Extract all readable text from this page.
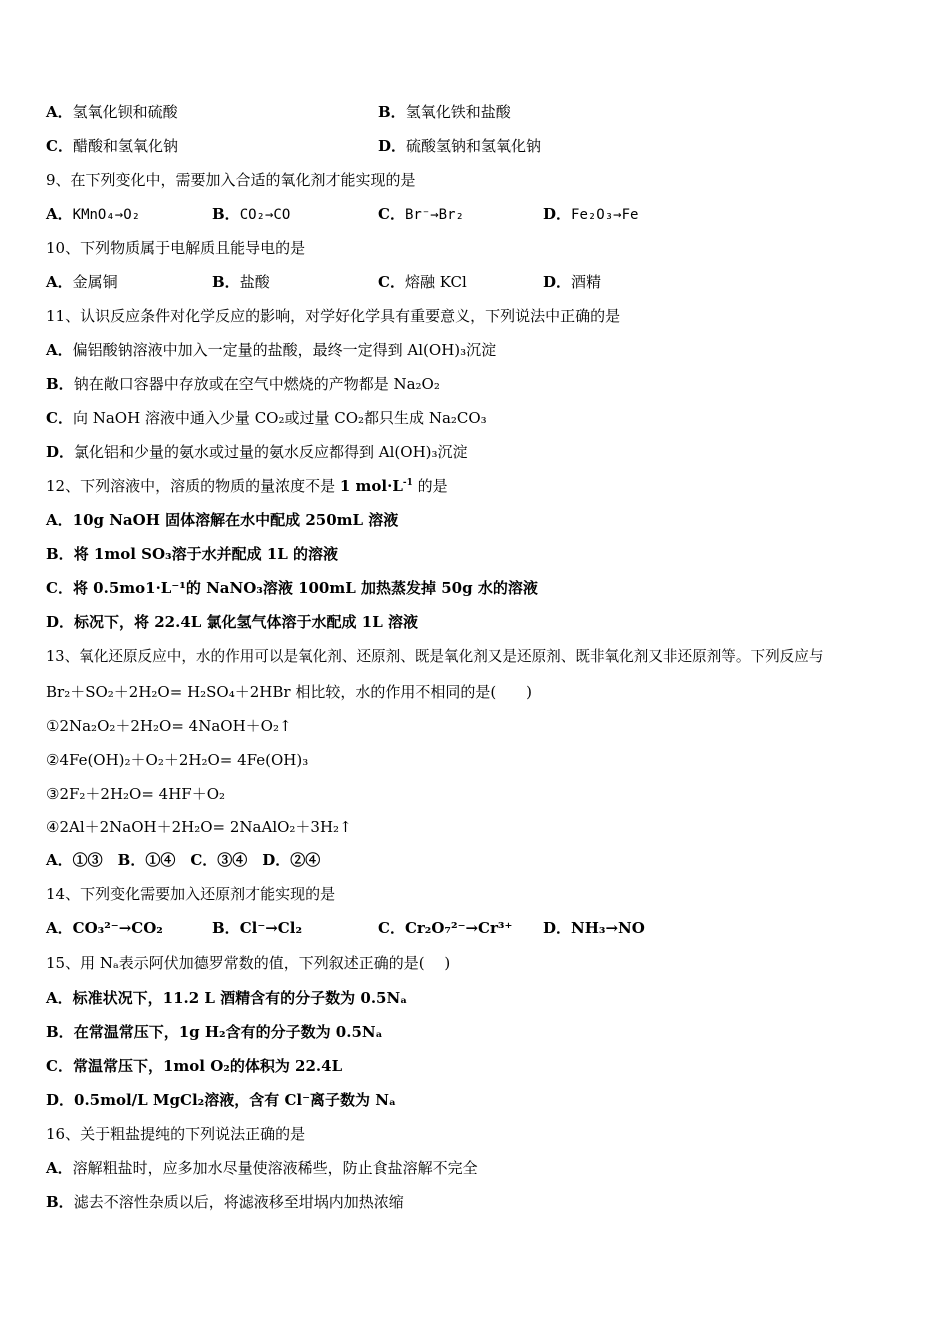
A．氢氧化钡和硫酸	B．氢氧化铁和盐酸
C．醋酸和氢氧化钠	D．硫酸氢钠和氢氧化钠
9、在下列变化中，需要加入合适的氧化剂才能实现的是
A．KMnO₄→O₂	B．CO₂→CO	C．Br⁻→Br₂	D．Fe₂O₃→Fe
10、下列物质属于电解质且能导电的是
A．金属铜	B．盐酸	C．熔融 KCl	D．酒精
11、认识反应条件对化学反应的影响，对学好化学具有重要意义，下列说法中正确的是
A．偏铝酸钠溶液中加入一定量的盐酸，最终一定得到 Al(OH)₃沉淀
B．钠在敞口容器中存放或在空气中燃烧的产物都是 Na₂O₂
C．向 NaOH 溶液中通入少量 CO₂或过量 CO₂都只生成 Na₂CO₃
D．氯化铝和少量的氨水或过量的氨水反应都得到 Al(OH)₃沉淀
12、下列溶液中，溶质的物质的量浓度不是 1 $mol\cdot L^{-1}$ 的是
A．10g NaOH 固体溶解在水中配成 250mL 溶液
B．将 1mol SO₃溶于水并配成 1L 的溶液
C．将 0.5mo1·L⁻¹的 NaNO₃溶液 100mL 加热蒸发掉 50g 水的溶液
D．标况下，将 22.4L 氯化氢气体溶于水配成 1L 溶液
13、氧化还原反应中，水的作用可以是氧化剂、还原剂、既是氧化剂又是还原剂、既非氧化剂又非还原剂等。下列反应与
Br₂＋SO₂＋2H₂O= H₂SO₄＋2HBr 相比较，水的作用不相同的是(　　)
①2Na₂O₂＋2H₂O= 4NaOH＋O₂↑
②4Fe(OH)₂＋O₂＋2H₂O= 4Fe(OH)₃
③2F₂＋2H₂O= 4HF＋O₂
④2Al＋2NaOH＋2H₂O= 2NaAlO₂＋3H₂↑
A．①③　B．①④　C．③④　D．②④
14、下列变化需要加入还原剂才能实现的是
A．CO₃²⁻→CO₂	B．Cl⁻→Cl₂	C．Cr₂O₇²⁻→Cr³⁺ D．NH₃→NO
15、用 Nₐ表示阿伏加德罗常数的值，下列叙述正确的是(　 )
A．标准状况下，11.2 L 酒精含有的分子数为 0.5Nₐ
B．在常温常压下，1g H₂含有的分子数为 0.5Nₐ
C．常温常压下，1mol O₂的体积为 22.4L
D．0.5mol/L MgCl₂溶液，含有 Cl⁻离子数为 Nₐ
16、关于粗盐提纯的下列说法正确的是
A．溶解粗盐时，应多加水尽量使溶液稀些，防止食盐溶解不完全
B．滤去不溶性杂质以后，将滤液移至坩埚内加热浓缩
